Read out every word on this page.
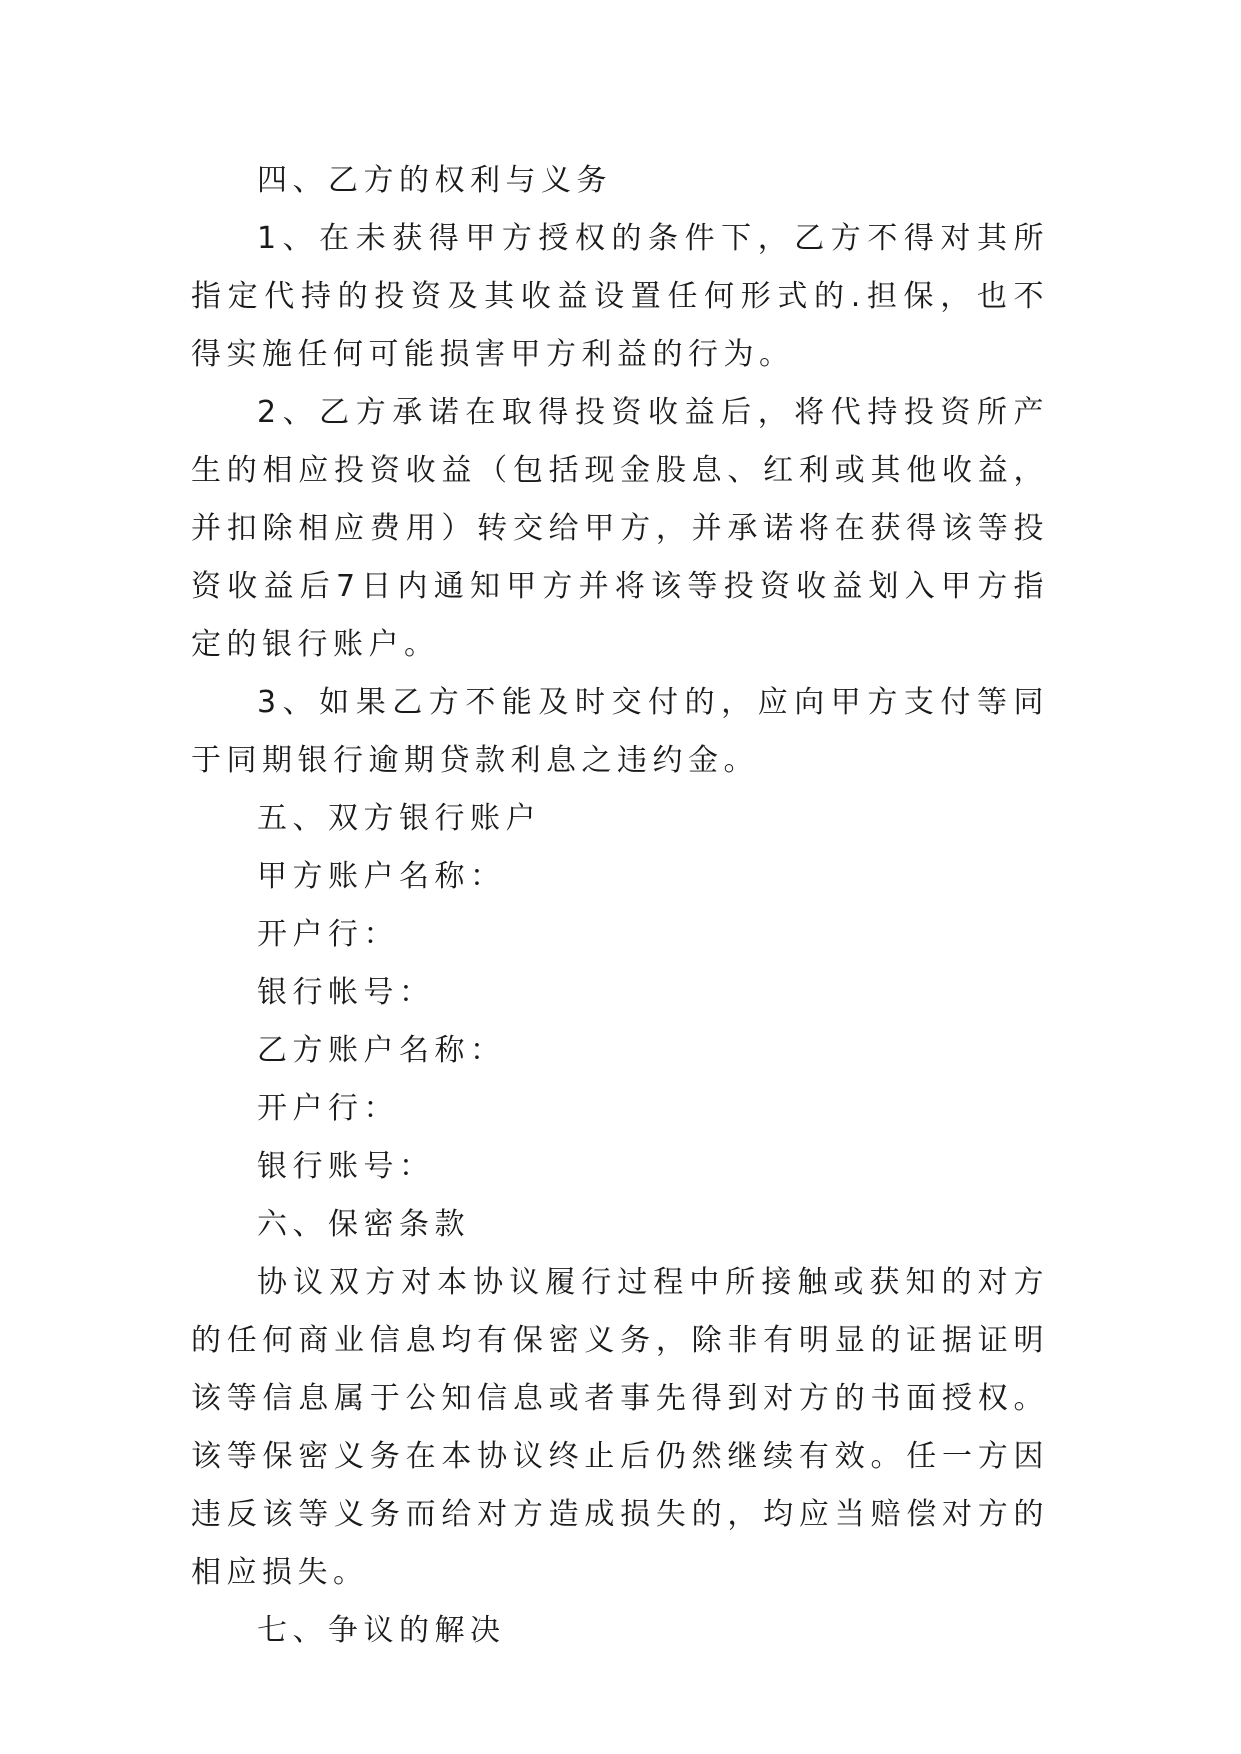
四、乙方的权利与义务

1、在未获得甲方授权的条件下，乙方不得对其所指定代持的投资及其收益设置任何形式的.担保，也不得实施任何可能损害甲方利益的行为。

2、乙方承诺在取得投资收益后，将代持投资所产生的相应投资收益（包括现金股息、红利或其他收益，并扣除相应费用）转交给甲方，并承诺将在获得该等投资收益后7日内通知甲方并将该等投资收益划入甲方指定的银行账户。

3、如果乙方不能及时交付的，应向甲方支付等同于同期银行逾期贷款利息之违约金。

五、双方银行账户

甲方账户名称：

开户行：

银行帐号：

乙方账户名称：

开户行：

银行账号：

六、保密条款

协议双方对本协议履行过程中所接触或获知的对方的任何商业信息均有保密义务，除非有明显的证据证明该等信息属于公知信息或者事先得到对方的书面授权。该等保密义务在本协议终止后仍然继续有效。任一方因违反该等义务而给对方造成损失的，均应当赔偿对方的相应损失。

七、争议的解决
